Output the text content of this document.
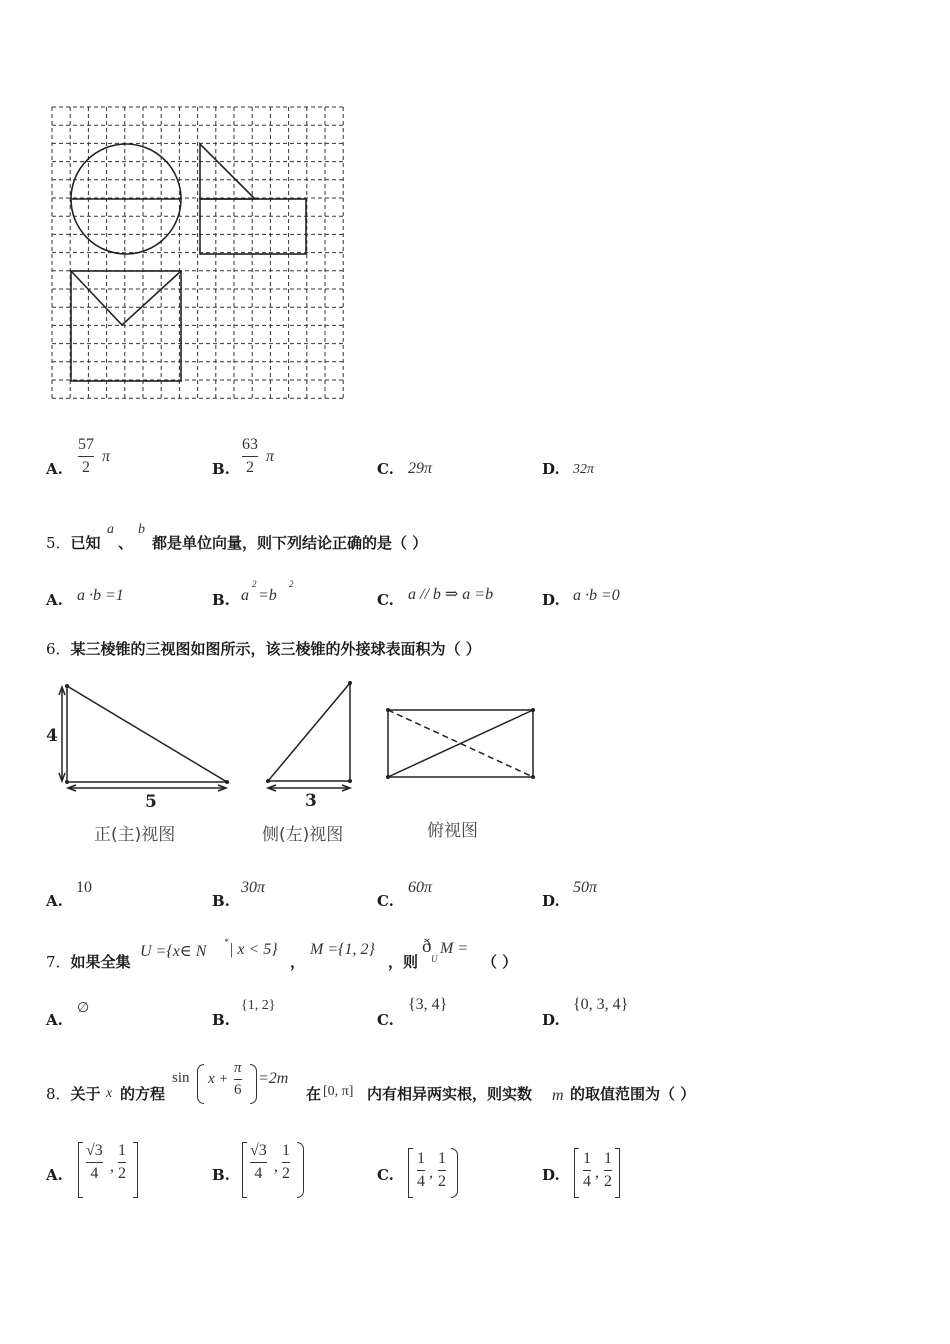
A.
57
2
π
B.
63
2
π
C. 29π	D. 32π
5．已知
a
、
b
都是单位向量，则下列结论正确的是（ ）
A. a ·b =1	B. a
2
=b
2
C. a // b ⇒ a =b	D. a ·b =0
6．某三棱锥的三视图如图所示，该三棱锥的外接球表面积为（ ）
4
5	3
正(主)视图	侧(左)视图	俯视图
A.
10
B.
30π
C.
60π
D.
50π
7．如果全集
U ={x∈ N
* | x < 5}
，
M ={1, 2}
，则
ð
U
M =
（ ）
A.
∅
B.
{1, 2}
C.
{3, 4}
D.
{0, 3, 4}
8．关于 x 的方程
sin x +
π
6
=2m
在 [0, π] 内有相异两实根，则实数 m 的取值范围为（ ）
A.
√3
4 ,
1
2	B.
√3
4 ,
1
2	C.
1
4
,
1
2	D.
1
4
,
1
2
